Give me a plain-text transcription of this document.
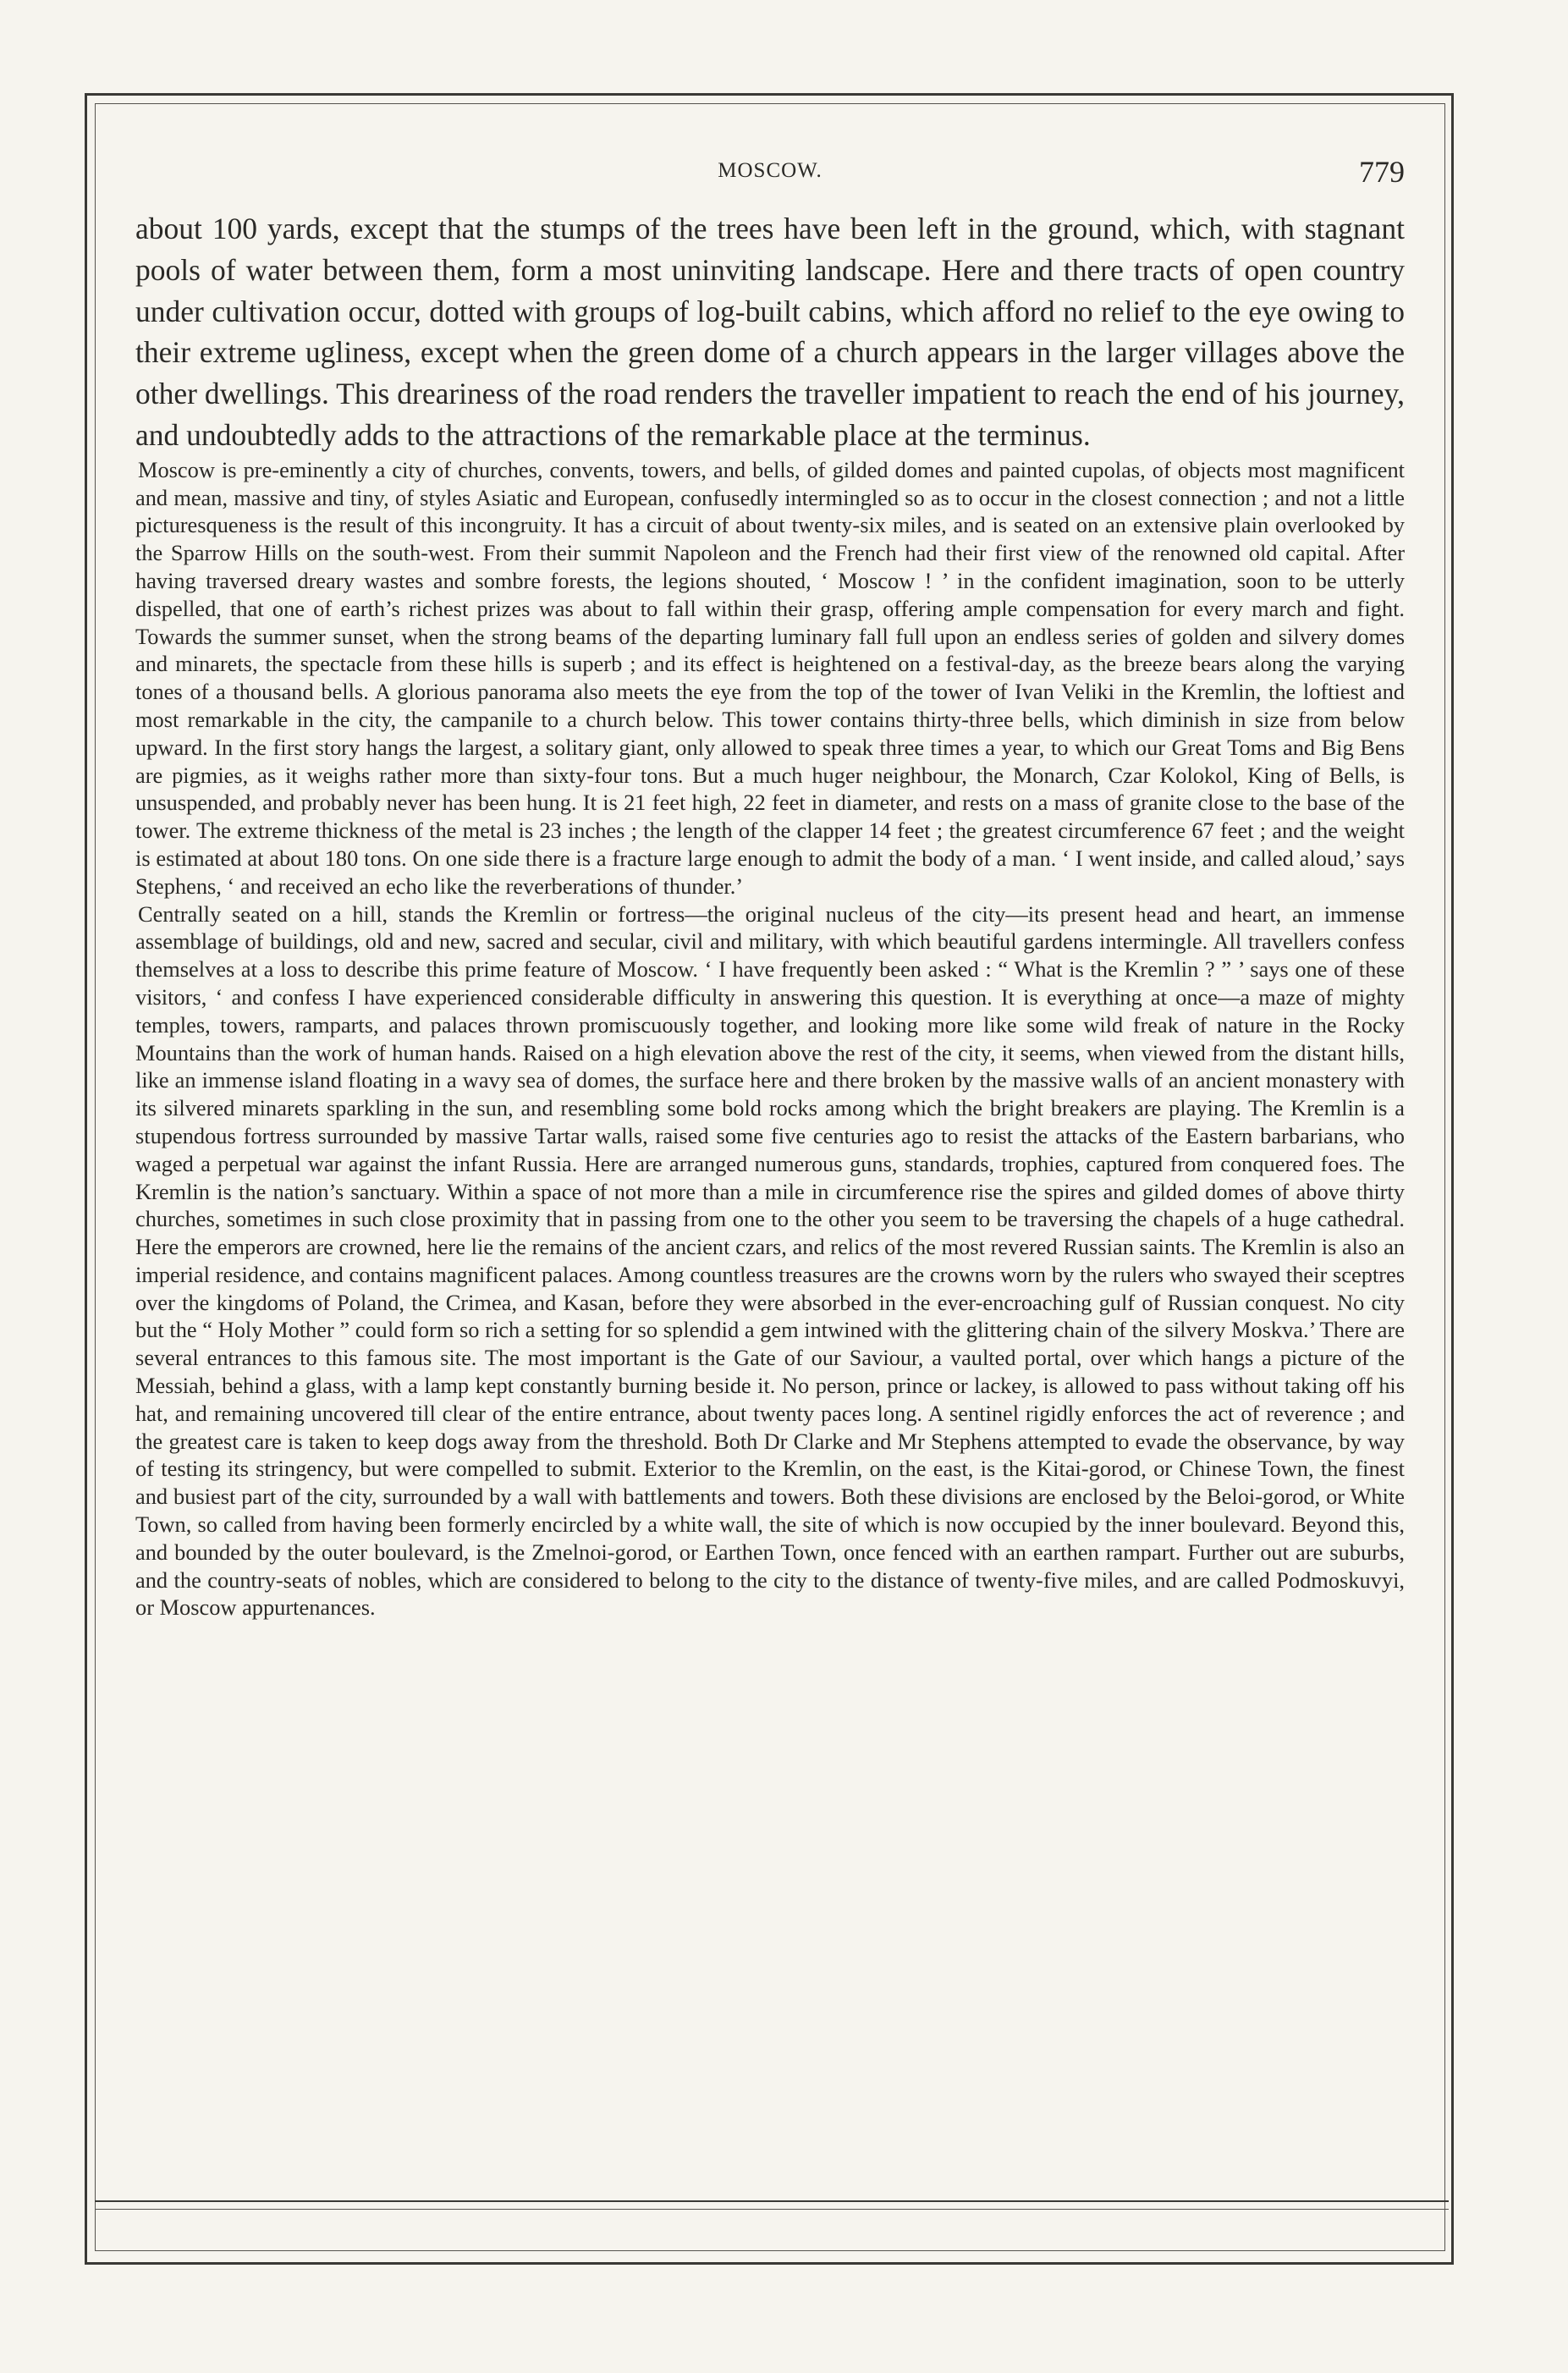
MOSCOW.	779

about 100 yards, except that the stumps of the trees have been left in the ground, which, with stagnant pools of water between them, form a most uninviting landscape. Here and there tracts of open country under cultivation occur, dotted with groups of log-built cabins, which afford no relief to the eye owing to their extreme ugliness, except when the green dome of a church appears in the larger villages above the other dwellings. This dreariness of the road renders the traveller impatient to reach the end of his journey, and undoubtedly adds to the attractions of the remarkable place at the terminus.

Moscow is pre-eminently a city of churches, convents, towers, and bells, of gilded domes and painted cupolas, of objects most magnificent and mean, massive and tiny, of styles Asiatic and European, confusedly intermingled so as to occur in the closest connection ; and not a little picturesqueness is the result of this incongruity. It has a circuit of about twenty-six miles, and is seated on an extensive plain overlooked by the Sparrow Hills on the south-west. From their summit Napoleon and the French had their first view of the renowned old capital. After having traversed dreary wastes and sombre forests, the legions shouted, ‘ Moscow ! ’ in the confident imagination, soon to be utterly dispelled, that one of earth’s richest prizes was about to fall within their grasp, offering ample compensation for every march and fight. Towards the summer sunset, when the strong beams of the departing luminary fall full upon an endless series of golden and silvery domes and minarets, the spectacle from these hills is superb ; and its effect is heightened on a festival-day, as the breeze bears along the varying tones of a thousand bells. A glorious panorama also meets the eye from the top of the tower of Ivan Veliki in the Kremlin, the loftiest and most remarkable in the city, the campanile to a church below. This tower contains thirty-three bells, which diminish in size from below upward. In the first story hangs the largest, a solitary giant, only allowed to speak three times a year, to which our Great Toms and Big Bens are pigmies, as it weighs rather more than sixty-four tons. But a much huger neighbour, the Monarch, Czar Kolokol, King of Bells, is unsuspended, and probably never has been hung. It is 21 feet high, 22 feet in diameter, and rests on a mass of granite close to the base of the tower. The extreme thickness of the metal is 23 inches ; the length of the clapper 14 feet ; the greatest circumference 67 feet ; and the weight is estimated at about 180 tons. On one side there is a fracture large enough to admit the body of a man. ‘ I went inside, and called aloud,’ says Stephens, ‘ and received an echo like the reverberations of thunder.’

Centrally seated on a hill, stands the Kremlin or fortress—the original nucleus of the city—its present head and heart, an immense assemblage of buildings, old and new, sacred and secular, civil and military, with which beautiful gardens intermingle. All travellers confess themselves at a loss to describe this prime feature of Moscow. ‘ I have frequently been asked : “ What is the Kremlin ? ” ’ says one of these visitors, ‘ and confess I have experienced considerable difficulty in answering this question. It is everything at once—a maze of mighty temples, towers, ramparts, and palaces thrown promiscuously together, and looking more like some wild freak of nature in the Rocky Mountains than the work of human hands. Raised on a high elevation above the rest of the city, it seems, when viewed from the distant hills, like an immense island floating in a wavy sea of domes, the surface here and there broken by the massive walls of an ancient monastery with its silvered minarets sparkling in the sun, and resembling some bold rocks among which the bright breakers are playing. The Kremlin is a stupendous fortress surrounded by massive Tartar walls, raised some five centuries ago to resist the attacks of the Eastern barbarians, who waged a perpetual war against the infant Russia. Here are arranged numerous guns, standards, trophies, captured from conquered foes. The Kremlin is the nation’s sanctuary. Within a space of not more than a mile in circumference rise the spires and gilded domes of above thirty churches, sometimes in such close proximity that in passing from one to the other you seem to be traversing the chapels of a huge cathedral. Here the emperors are crowned, here lie the remains of the ancient czars, and relics of the most revered Russian saints. The Kremlin is also an imperial residence, and contains magnificent palaces. Among countless treasures are the crowns worn by the rulers who swayed their sceptres over the kingdoms of Poland, the Crimea, and Kasan, before they were absorbed in the ever-encroaching gulf of Russian conquest. No city but the “ Holy Mother ” could form so rich a setting for so splendid a gem intwined with the glittering chain of the silvery Moskva.’ There are several entrances to this famous site. The most important is the Gate of our Saviour, a vaulted portal, over which hangs a picture of the Messiah, behind a glass, with a lamp kept constantly burning beside it. No person, prince or lackey, is allowed to pass without taking off his hat, and remaining uncovered till clear of the entire entrance, about twenty paces long. A sentinel rigidly enforces the act of reverence ; and the greatest care is taken to keep dogs away from the threshold. Both Dr Clarke and Mr Stephens attempted to evade the observance, by way of testing its stringency, but were compelled to submit. Exterior to the Kremlin, on the east, is the Kitai-gorod, or Chinese Town, the finest and busiest part of the city, surrounded by a wall with battlements and towers. Both these divisions are enclosed by the Beloi-gorod, or White Town, so called from having been formerly encircled by a white wall, the site of which is now occupied by the inner boulevard. Beyond this, and bounded by the outer boulevard, is the Zmelnoi-gorod, or Earthen Town, once fenced with an earthen rampart. Further out are suburbs, and the country-seats of nobles, which are considered to belong to the city to the distance of twenty-five miles, and are called Podmoskuvyi, or Moscow appurtenances.
